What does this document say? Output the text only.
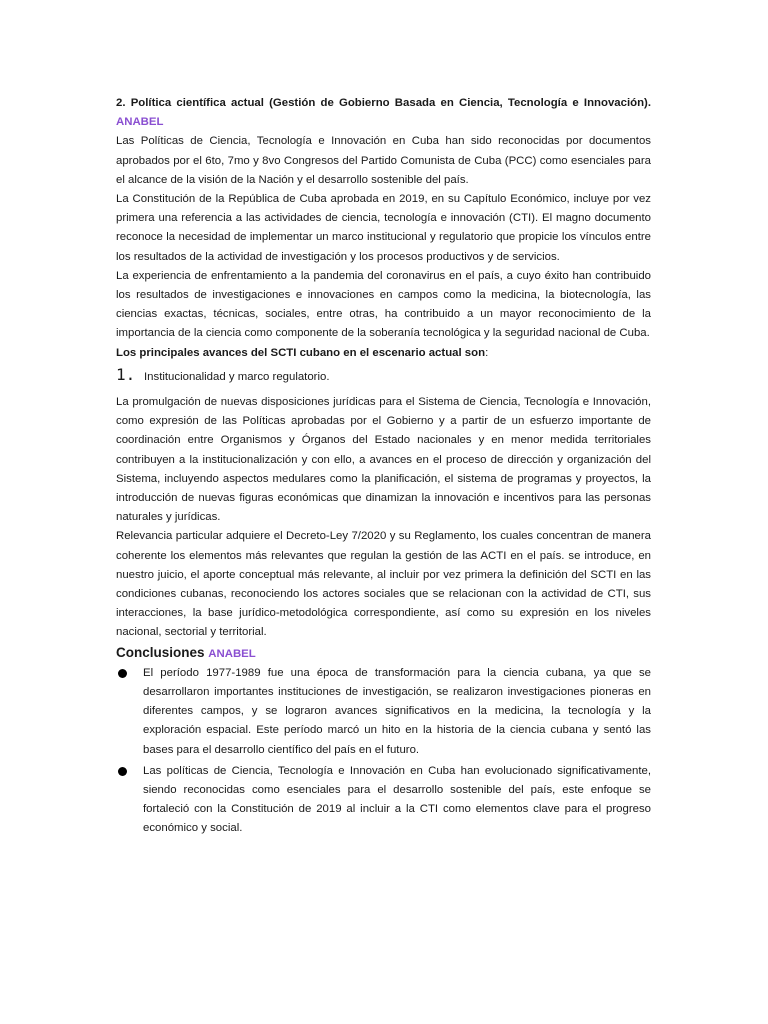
2. Política científica actual (Gestión de Gobierno Basada en Ciencia, Tecnología e Innovación). ANABEL

Las Políticas de Ciencia, Tecnología e Innovación en Cuba han sido reconocidas por documentos aprobados por el 6to, 7mo y 8vo Congresos del Partido Comunista de Cuba (PCC) como esenciales para el alcance de la visión de la Nación y el desarrollo sostenible del país.

La Constitución de la República de Cuba aprobada en 2019, en su Capítulo Económico, incluye por vez primera una referencia a las actividades de ciencia, tecnología e innovación (CTI). El magno documento reconoce la necesidad de implementar un marco institucional y regulatorio que propicie los vínculos entre los resultados de la actividad de investigación y los procesos productivos y de servicios.

La experiencia de enfrentamiento a la pandemia del coronavirus en el país, a cuyo éxito han contribuido los resultados de investigaciones e innovaciones en campos como la medicina, la biotecnología, las ciencias exactas, técnicas, sociales, entre otras, ha contribuido a un mayor reconocimiento de la importancia de la ciencia como componente de la soberanía tecnológica y la seguridad nacional de Cuba.

Los principales avances del SCTI cubano en el escenario actual son:

1. Institucionalidad y marco regulatorio.

La promulgación de nuevas disposiciones jurídicas para el Sistema de Ciencia, Tecnología e Innovación, como expresión de las Políticas aprobadas por el Gobierno y a partir de un esfuerzo importante de coordinación entre Organismos y Órganos del Estado nacionales y en menor medida territoriales contribuyen a la institucionalización y con ello, a avances en el proceso de dirección y organización del Sistema, incluyendo aspectos medulares como la planificación, el sistema de programas y proyectos, la introducción de nuevas figuras económicas que dinamizan la innovación e incentivos para las personas naturales y jurídicas.

Relevancia particular adquiere el Decreto-Ley 7/2020 y su Reglamento, los cuales concentran de manera coherente los elementos más relevantes que regulan la gestión de las ACTI en el país. se introduce, en nuestro juicio, el aporte conceptual más relevante, al incluir por vez primera la definición del SCTI en las condiciones cubanas, reconociendo los actores sociales que se relacionan con la actividad de CTI, sus interacciones, la base jurídico-metodológica correspondiente, así como su expresión en los niveles nacional, sectorial y territorial.

Conclusiones ANABEL
El período 1977-1989 fue una época de transformación para la ciencia cubana, ya que se desarrollaron importantes instituciones de investigación, se realizaron investigaciones pioneras en diferentes campos, y se lograron avances significativos en la medicina, la tecnología y la exploración espacial. Este período marcó un hito en la historia de la ciencia cubana y sentó las bases para el desarrollo científico del país en el futuro.
Las políticas de Ciencia, Tecnología e Innovación en Cuba han evolucionado significativamente, siendo reconocidas como esenciales para el desarrollo sostenible del país, este enfoque se fortaleció con la Constitución de 2019 al incluir a la CTI como elementos clave para el progreso económico y social.
